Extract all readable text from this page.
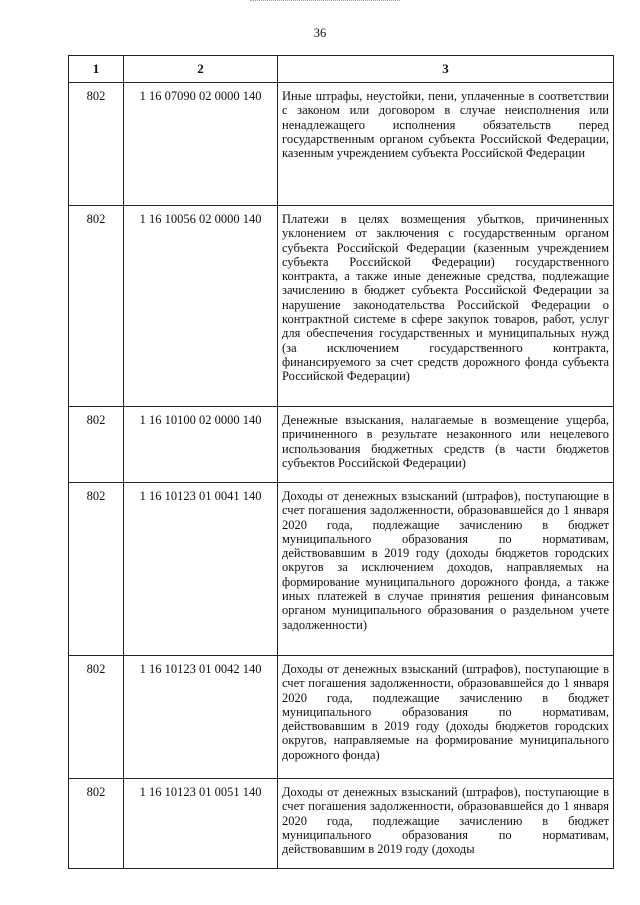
36
1	2	3
802	1 16 07090 02 0000 140	Иные штрафы, неустойки, пени, уплаченные в соответствии с законом или договором в случае неисполнения или ненадлежащего исполнения обязательств перед государственным органом субъекта Российской Федерации, казенным учреждением субъекта Российской Федерации
802	1 16 10056 02 0000 140	Платежи в целях возмещения убытков, причиненных уклонением от заключения с государственным органом субъекта Российской Федерации (казенным учреждением субъекта Российской Федерации) государственного контракта, а также иные денежные средства, подлежащие зачислению в бюджет субъекта Российской Федерации за нарушение законодательства Российской Федерации о контрактной системе в сфере закупок товаров, работ, услуг для обеспечения государственных и муниципальных нужд (за исключением государственного контракта, финансируемого за счет средств дорожного фонда субъекта Российской Федерации)
802	1 16 10100 02 0000 140	Денежные взыскания, налагаемые в возмещение ущерба, причиненного в результате незаконного или нецелевого использования бюджетных средств (в части бюджетов субъектов Российской Федерации)
802	1 16 10123 01 0041 140	Доходы от денежных взысканий (штрафов), поступающие в счет погашения задолженности, образовавшейся до 1 января 2020 года, подлежащие зачислению в бюджет муниципального образования по нормативам, действовавшим в 2019 году (доходы бюджетов городских округов за исключением доходов, направляемых на формирование муниципального дорожного фонда, а также иных платежей в случае принятия решения финансовым органом муниципального образования о раздельном учете задолженности)
802	1 16 10123 01 0042 140	Доходы от денежных взысканий (штрафов), поступающие в счет погашения задолженности, образовавшейся до 1 января 2020 года, подлежащие зачислению в бюджет муниципального образования по нормативам, действовавшим в 2019 году (доходы бюджетов городских округов, направляемые на формирование муниципального дорожного фонда)
802	1 16 10123 01 0051 140	Доходы от денежных взысканий (штрафов), поступающие в счет погашения задолженности, образовавшейся до 1 января 2020 года, подлежащие зачислению в бюджет муниципального образования по нормативам, действовавшим в 2019 году (доходы
